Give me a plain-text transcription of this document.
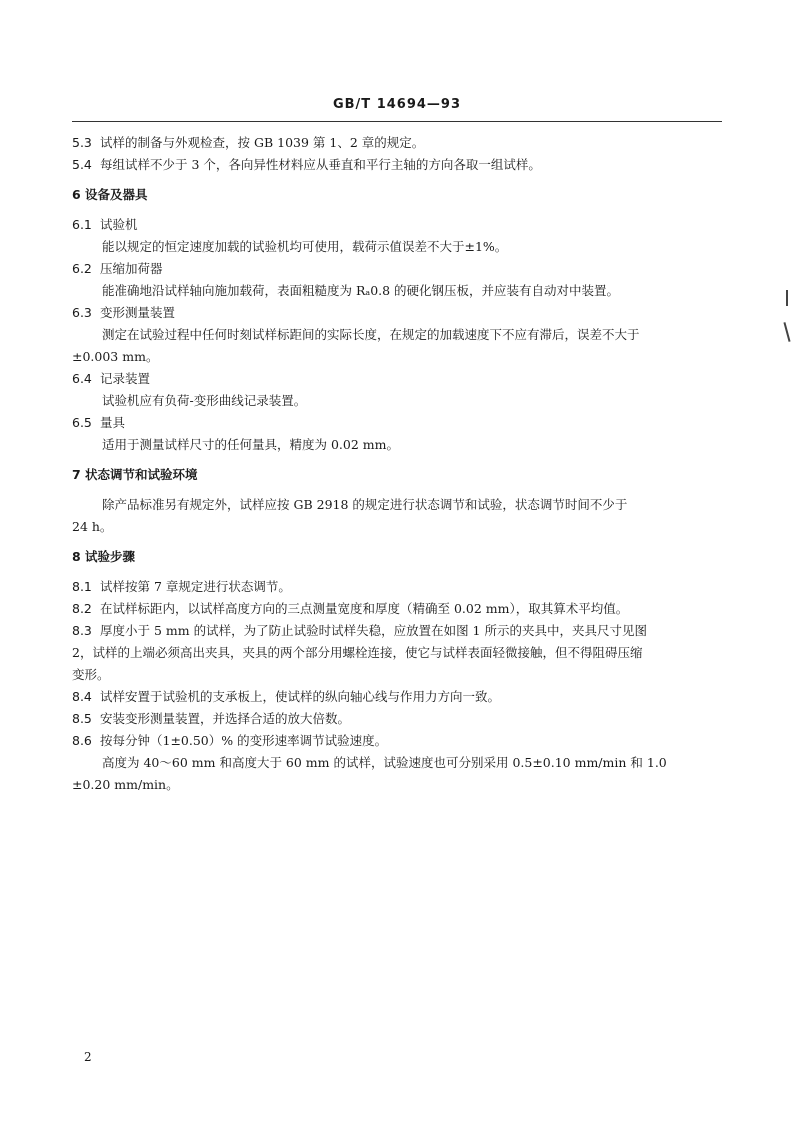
GB/T 14694—93
5.3 试样的制备与外观检查，按 GB 1039 第 1、2 章的规定。
5.4 每组试样不少于 3 个，各向异性材料应从垂直和平行主轴的方向各取一组试样。
6 设备及器具
6.1 试验机
能以规定的恒定速度加载的试验机均可使用，载荷示值误差不大于±1%。
6.2 压缩加荷器
能准确地沿试样轴向施加载荷，表面粗糙度为 Rₐ0.8 的硬化钢压板，并应装有自动对中装置。
6.3 变形测量装置
测定在试验过程中任何时刻试样标距间的实际长度，在规定的加载速度下不应有滞后，误差不大于
±0.003 mm。
6.4 记录装置
试验机应有负荷-变形曲线记录装置。
6.5 量具
适用于测量试样尺寸的任何量具，精度为 0.02 mm。
7 状态调节和试验环境
除产品标准另有规定外，试样应按 GB 2918 的规定进行状态调节和试验，状态调节时间不少于
24 h。
8 试验步骤
8.1 试样按第 7 章规定进行状态调节。
8.2 在试样标距内，以试样高度方向的三点测量宽度和厚度（精确至 0.02 mm），取其算术平均值。
8.3 厚度小于 5 mm 的试样，为了防止试验时试样失稳，应放置在如图 1 所示的夹具中，夹具尺寸见图
2，试样的上端必须高出夹具，夹具的两个部分用螺栓连接，使它与试样表面轻微接触，但不得阻碍压缩
变形。
8.4 试样安置于试验机的支承板上，使试样的纵向轴心线与作用力方向一致。
8.5 安装变形测量装置，并选择合适的放大倍数。
8.6 按每分钟（1±0.50）% 的变形速率调节试验速度。
高度为 40～60 mm 和高度大于 60 mm 的试样，试验速度也可分别采用 0.5±0.10 mm/min 和 1.0
±0.20 mm/min。
2
